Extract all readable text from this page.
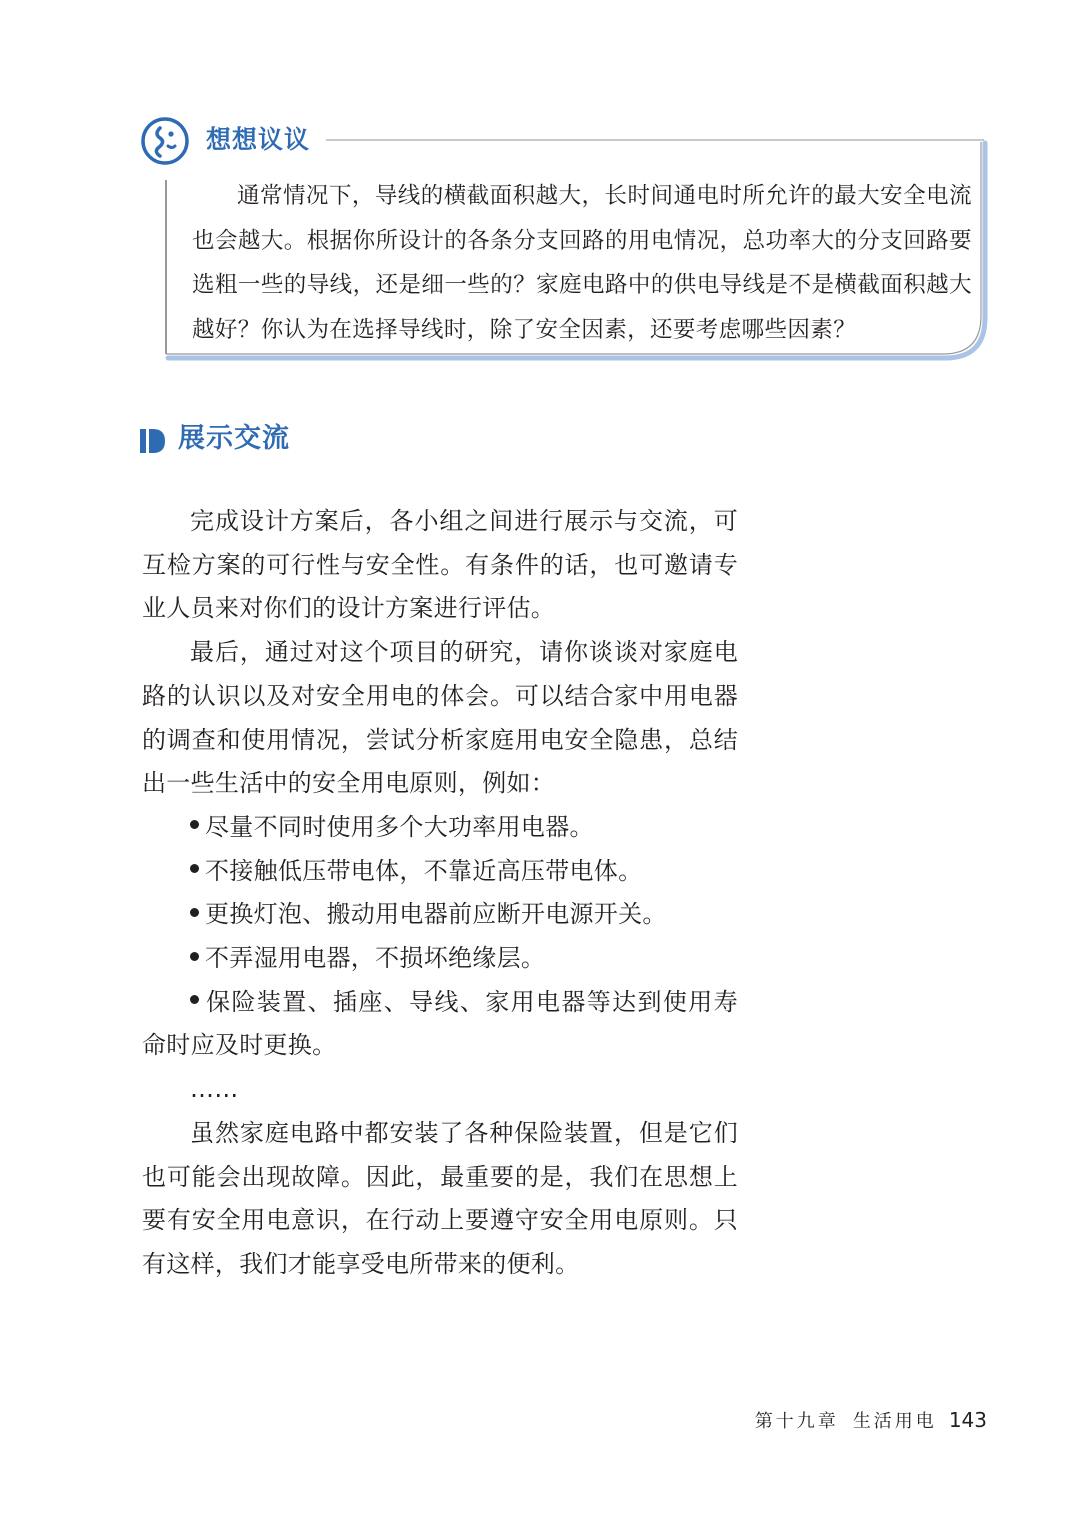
想想议议

通常情况下，导线的横截面积越大，长时间通电时所允许的最大安全电流也会越大。根据你所设计的各条分支回路的用电情况，总功率大的分支回路要选粗一些的导线，还是细一些的？家庭电路中的供电导线是不是横截面积越大越好？你认为在选择导线时，除了安全因素，还要考虑哪些因素？

展示交流

完成设计方案后，各小组之间进行展示与交流，可互检方案的可行性与安全性。有条件的话，也可邀请专业人员来对你们的设计方案进行评估。

最后，通过对这个项目的研究，请你谈谈对家庭电路的认识以及对安全用电的体会。可以结合家中用电器的调查和使用情况，尝试分析家庭用电安全隐患，总结出一些生活中的安全用电原则，例如：

尽量不同时使用多个大功率用电器。

不接触低压带电体，不靠近高压带电体。

更换灯泡、搬动用电器前应断开电源开关。

不弄湿用电器，不损坏绝缘层。

保险装置、插座、导线、家用电器等达到使用寿命时应及时更换。

……

虽然家庭电路中都安装了各种保险装置，但是它们也可能会出现故障。因此，最重要的是，我们在思想上要有安全用电意识，在行动上要遵守安全用电原则。只有这样，我们才能享受电所带来的便利。

第十九章 生活用电 143
